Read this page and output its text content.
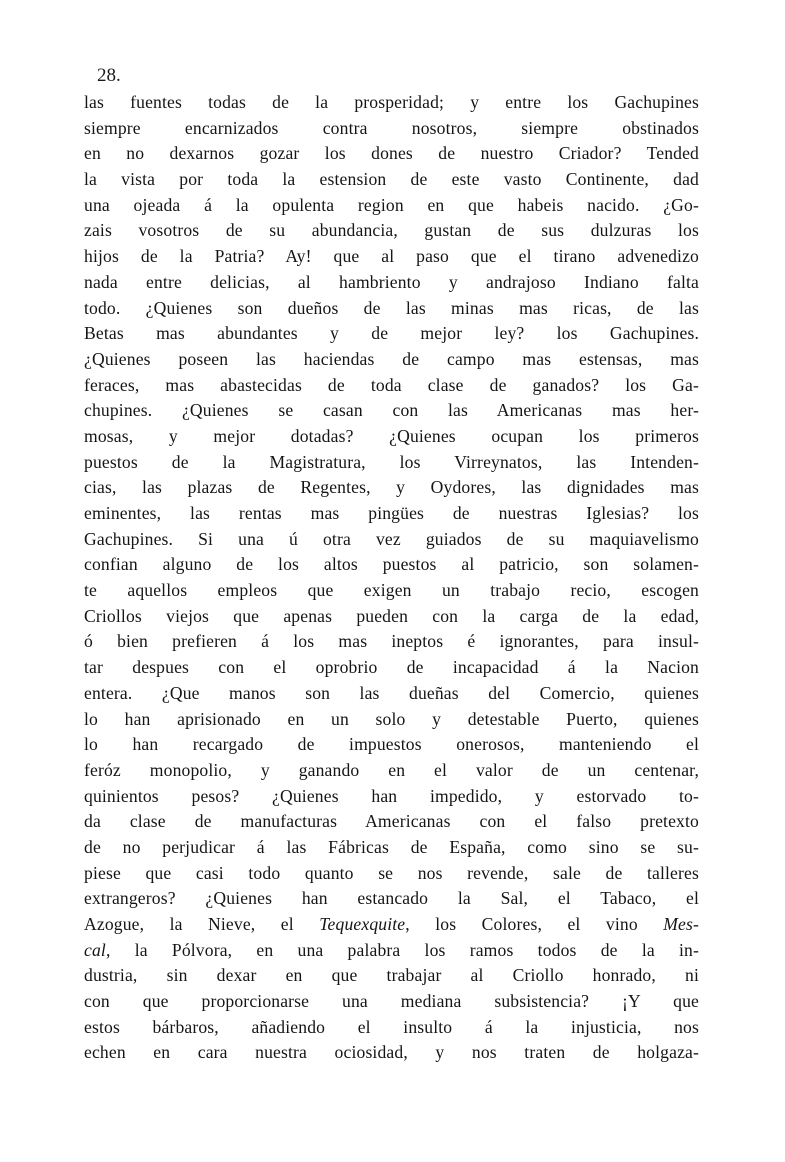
28.
las fuentes todas de la prosperidad; y entre los Gachupines
siempre encarnizados contra nosotros, siempre obstinados
en no dexarnos gozar los dones de nuestro Criador? Tended
la vista por toda la estension de este vasto Continente, dad
una ojeada á la opulenta region en que habeis nacido. ¿Go-
zais vosotros de su abundancia, gustan de sus dulzuras los
hijos de la Patria? Ay! que al paso que el tirano advenedizo
nada entre delicias, al hambriento y andrajoso Indiano falta
todo. ¿Quienes son dueños de las minas mas ricas, de las
Betas mas abundantes y de mejor ley? los Gachupines.
¿Quienes poseen las haciendas de campo mas estensas, mas
feraces, mas abastecidas de toda clase de ganados? los Ga-
chupines. ¿Quienes se casan con las Americanas mas her-
mosas, y mejor dotadas? ¿Quienes ocupan los primeros
puestos de la Magistratura, los Virreynatos, las Intenden-
cias, las plazas de Regentes, y Oydores, las dignidades mas
eminentes, las rentas mas pingües de nuestras Iglesias? los
Gachupines. Si una ú otra vez guiados de su maquiavelismo
confian alguno de los altos puestos al patricio, son solamen-
te aquellos empleos que exigen un trabajo recio, escogen
Criollos viejos que apenas pueden con la carga de la edad,
ó bien prefieren á los mas ineptos é ignorantes, para insul-
tar despues con el oprobrio de incapacidad á la Nacion
entera. ¿Que manos son las dueñas del Comercio, quienes
lo han aprisionado en un solo y detestable Puerto, quienes
lo han recargado de impuestos onerosos, manteniendo el
feróz monopolio, y ganando en el valor de un centenar,
quinientos pesos? ¿Quienes han impedido, y estorvado to-
da clase de manufacturas Americanas con el falso pretexto
de no perjudicar á las Fábricas de España, como sino se su-
piese que casi todo quanto se nos revende, sale de talleres
extrangeros? ¿Quienes han estancado la Sal, el Tabaco, el
Azogue, la Nieve, el Tequexquite, los Colores, el vino Mes-
cal, la Pólvora, en una palabra los ramos todos de la in-
dustria, sin dexar en que trabajar al Criollo honrado, ni
con que proporcionarse una mediana subsistencia? ¡Y que
estos bárbaros, añadiendo el insulto á la injusticia, nos
echen en cara nuestra ociosidad, y nos traten de holgaza-
